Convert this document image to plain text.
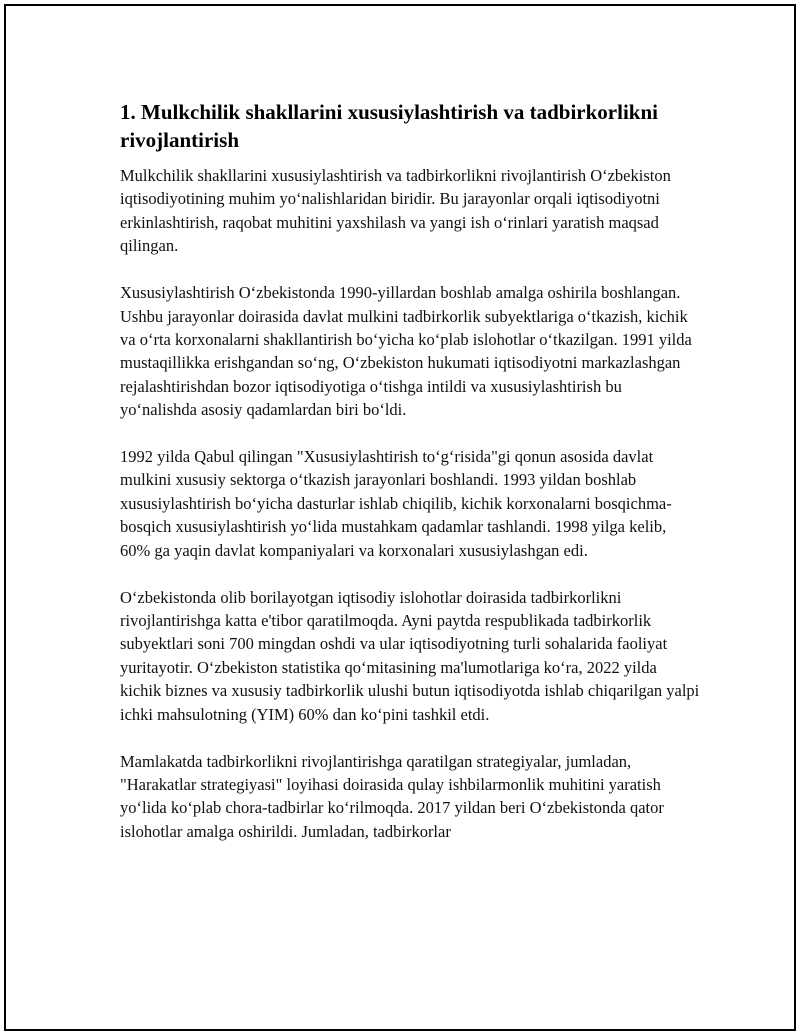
1. Mulkchilik shakllarini xususiylashtirish va tadbirkorlikni rivojlantirish

Mulkchilik shakllarini xususiylashtirish va tadbirkorlikni rivojlantirish O‘zbekiston iqtisodiyotining muhim yo‘nalishlaridan biridir. Bu jarayonlar orqali iqtisodiyotni erkinlashtirish, raqobat muhitini yaxshilash va yangi ish o‘rinlari yaratish maqsad qilingan.

Xususiylashtirish O‘zbekistonda 1990-yillardan boshlab amalga oshirila boshlangan. Ushbu jarayonlar doirasida davlat mulkini tadbirkorlik subyektlariga o‘tkazish, kichik va o‘rta korxonalarni shakllantirish bo‘yicha ko‘plab islohotlar o‘tkazilgan. 1991 yilda mustaqillikka erishgandan so‘ng, O‘zbekiston hukumati iqtisodiyotni markazlashgan rejalashtirishdan bozor iqtisodiyotiga o‘tishga intildi va xususiylashtirish bu yo‘nalishda asosiy qadamlardan biri bo‘ldi.

1992 yilda Qabul qilingan "Xususiylashtirish to‘g‘risida"gi qonun asosida davlat mulkini xususiy sektorga o‘tkazish jarayonlari boshlandi. 1993 yildan boshlab xususiylashtirish bo‘yicha dasturlar ishlab chiqilib, kichik korxonalarni bosqichma-bosqich xususiylashtirish yo‘lida mustahkam qadamlar tashlandi. 1998 yilga kelib, 60% ga yaqin davlat kompaniyalari va korxonalari xususiylashgan edi.

O‘zbekistonda olib borilayotgan iqtisodiy islohotlar doirasida tadbirkorlikni rivojlantirishga katta e'tibor qaratilmoqda. Ayni paytda respublikada tadbirkorlik subyektlari soni 700 mingdan oshdi va ular iqtisodiyotning turli sohalarida faoliyat yuritayotir. O‘zbekiston statistika qo‘mitasining ma'lumotlariga ko‘ra, 2022 yilda kichik biznes va xususiy tadbirkorlik ulushi butun iqtisodiyotda ishlab chiqarilgan yalpi ichki mahsulotning (YIM) 60% dan ko‘pini tashkil etdi.

Mamlakatda tadbirkorlikni rivojlantirishga qaratilgan strategiyalar, jumladan, "Harakatlar strategiyasi" loyihasi doirasida qulay ishbilarmonlik muhitini yaratish yo‘lida ko‘plab chora-tadbirlar ko‘rilmoqda. 2017 yildan beri O‘zbekistonda qator islohotlar amalga oshirildi. Jumladan, tadbirkorlar
